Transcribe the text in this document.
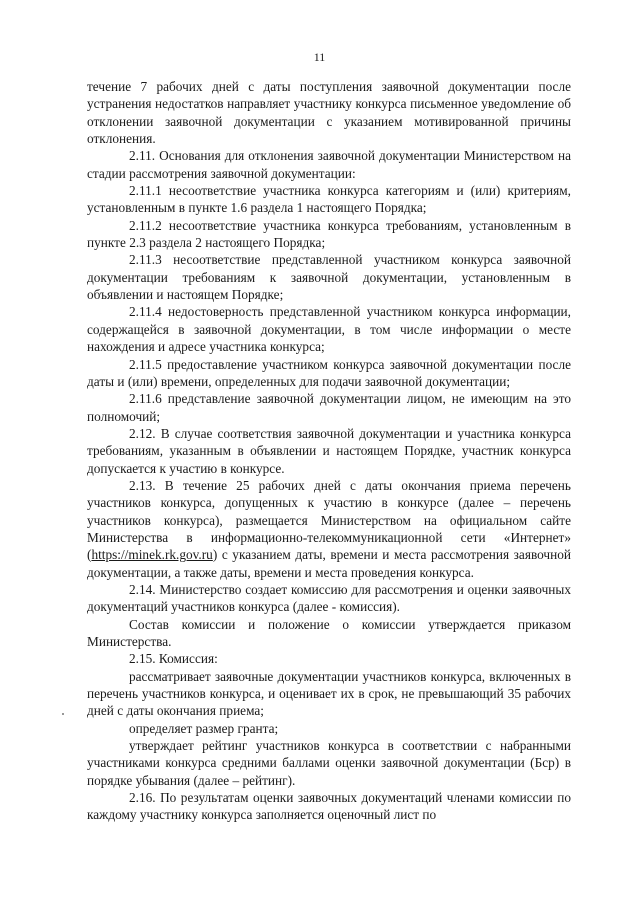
11

течение 7 рабочих дней с даты поступления заявочной документации после устранения недостатков направляет участнику конкурса письменное уведомление об отклонении заявочной документации с указанием мотивированной причины отклонения.

2.11. Основания для отклонения заявочной документации Министерством на стадии рассмотрения заявочной документации:

2.11.1 несоответствие участника конкурса категориям и (или) критериям, установленным в пункте 1.6 раздела 1 настоящего Порядка;

2.11.2 несоответствие участника конкурса требованиям, установленным в пункте 2.3 раздела 2 настоящего Порядка;

2.11.3 несоответствие представленной участником конкурса заявочной документации требованиям к заявочной документации, установленным в объявлении и настоящем Порядке;

2.11.4 недостоверность представленной участником конкурса информации, содержащейся в заявочной документации, в том числе информации о месте нахождения и адресе участника конкурса;

2.11.5 предоставление участником конкурса заявочной документации после даты и (или) времени, определенных для подачи заявочной документации;

2.11.6 представление заявочной документации лицом, не имеющим на это полномочий;

2.12. В случае соответствия заявочной документации и участника конкурса требованиям, указанным в объявлении и настоящем Порядке, участник конкурса допускается к участию в конкурсе.

2.13. В течение 25 рабочих дней с даты окончания приема перечень участников конкурса, допущенных к участию в конкурсе (далее – перечень участников конкурса), размещается Министерством на официальном сайте Министерства в информационно-телекоммуникационной сети «Интернет» (https://minek.rk.gov.ru) с указанием даты, времени и места рассмотрения заявочной документации, а также даты, времени и места проведения конкурса.

2.14. Министерство создает комиссию для рассмотрения и оценки заявочных документаций участников конкурса (далее - комиссия).

Состав комиссии и положение о комиссии утверждается приказом Министерства.

2.15. Комиссия:

рассматривает заявочные документации участников конкурса, включенных в перечень участников конкурса, и оценивает их в срок, не превышающий 35 рабочих дней с даты окончания приема;

определяет размер гранта;

утверждает рейтинг участников конкурса в соответствии с набранными участниками конкурса средними баллами оценки заявочной документации (Бср) в порядке убывания (далее – рейтинг).

2.16. По результатам оценки заявочных документаций членами комиссии по каждому участнику конкурса заполняется оценочный лист по
